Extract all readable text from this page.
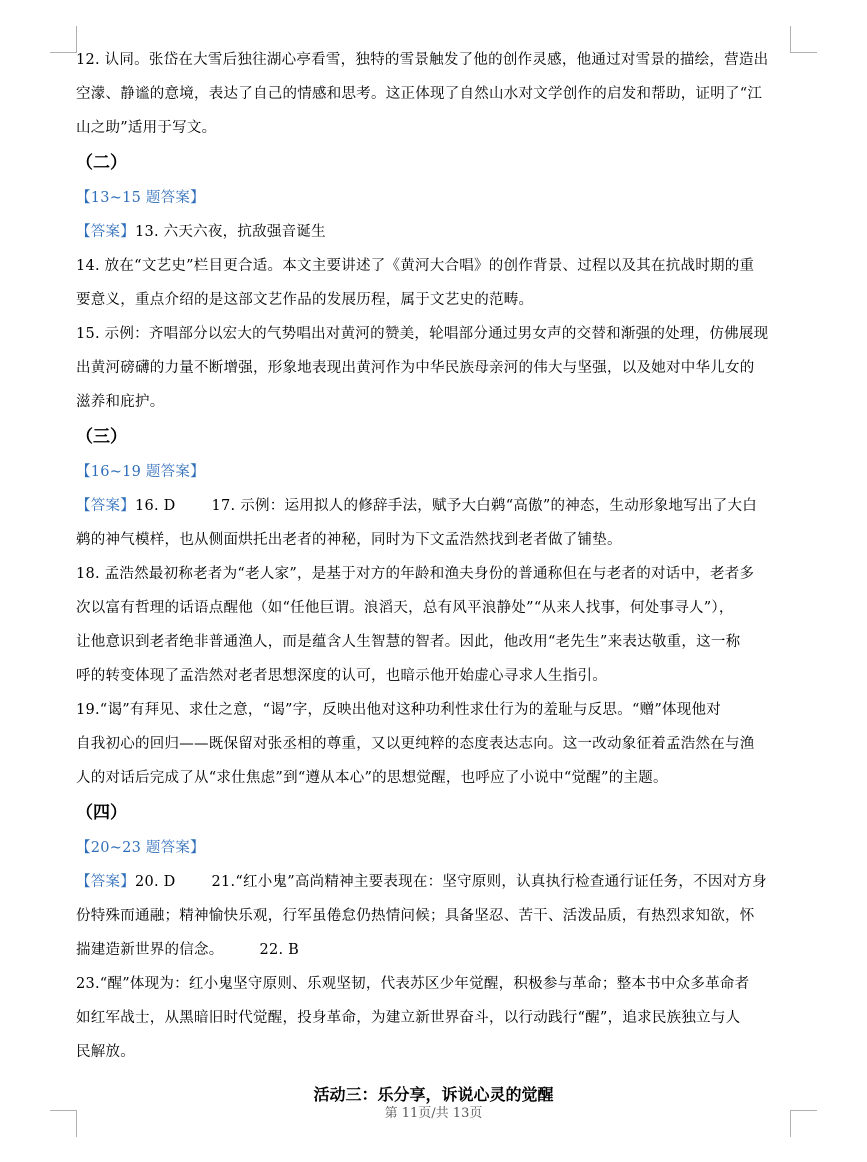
12. 认同。张岱在大雪后独往湖心亭看雪，独特的雪景触发了他的创作灵感，他通过对雪景的描绘，营造出

空濛、静谧的意境，表达了自己的情感和思考。这正体现了自然山水对文学创作的启发和帮助，证明了“江

山之助”适用于写文。

（二）

【13~15 题答案】

【答案】13. 六天六夜，抗敌强音诞生

14. 放在“文艺史”栏目更合适。本文主要讲述了《黄河大合唱》的创作背景、过程以及其在抗战时期的重

要意义，重点介绍的是这部文艺作品的发展历程，属于文艺史的范畴。

15. 示例：齐唱部分以宏大的气势唱出对黄河的赞美，轮唱部分通过男女声的交替和渐强的处理，仿佛展现

出黄河磅礴的力量不断增强，形象地表现出黄河作为中华民族母亲河的伟大与坚强，以及她对中华儿女的

滋养和庇护。

（三）

【16~19 题答案】

【答案】16. D 17. 示例：运用拟人的修辞手法，赋予大白鹈“高傲”的神态，生动形象地写出了大白

鹈的神气模样，也从侧面烘托出老者的神秘，同时为下文孟浩然找到老者做了铺垫。

18. 孟浩然最初称老者为“老人家”，是基于对方的年龄和渔夫身份的普通称但在与老者的对话中，老者多

次以富有哲理的话语点醒他（如“任他巨谓。浪滔天，总有风平浪静处”“从来人找事，何处事寻人”），

让他意识到老者绝非普通渔人，而是蕴含人生智慧的智者。因此，他改用“老先生”来表达敬重，这一称

呼的转变体现了孟浩然对老者思想深度的认可，也暗示他开始虚心寻求人生指引。

19.“谒”有拜见、求仕之意，“谒”字，反映出他对这种功利性求仕行为的羞耻与反思。“赠”体现他对

自我初心的回归——既保留对张丞相的尊重，又以更纯粹的态度表达志向。这一改动象征着孟浩然在与渔

人的对话后完成了从“求仕焦虑”到“遵从本心”的思想觉醒，也呼应了小说中“觉醒”的主题。

（四）

【20~23 题答案】

【答案】20. D 21.“红小鬼”高尚精神主要表现在：坚守原则，认真执行检查通行证任务，不因对方身

份特殊而通融；精神愉快乐观，行军虽倦怠仍热情问候；具备坚忍、苦干、活泼品质，有热烈求知欲，怀

揣建造新世界的信念。 22. B

23.“醒”体现为：红小鬼坚守原则、乐观坚韧，代表苏区少年觉醒，积极参与革命；整本书中众多革命者

如红军战士，从黑暗旧时代觉醒，投身革命，为建立新世界奋斗，以行动践行“醒”，追求民族独立与人

民解放。

活动三：乐分享，诉说心灵的觉醒
第 11页/共 13页
